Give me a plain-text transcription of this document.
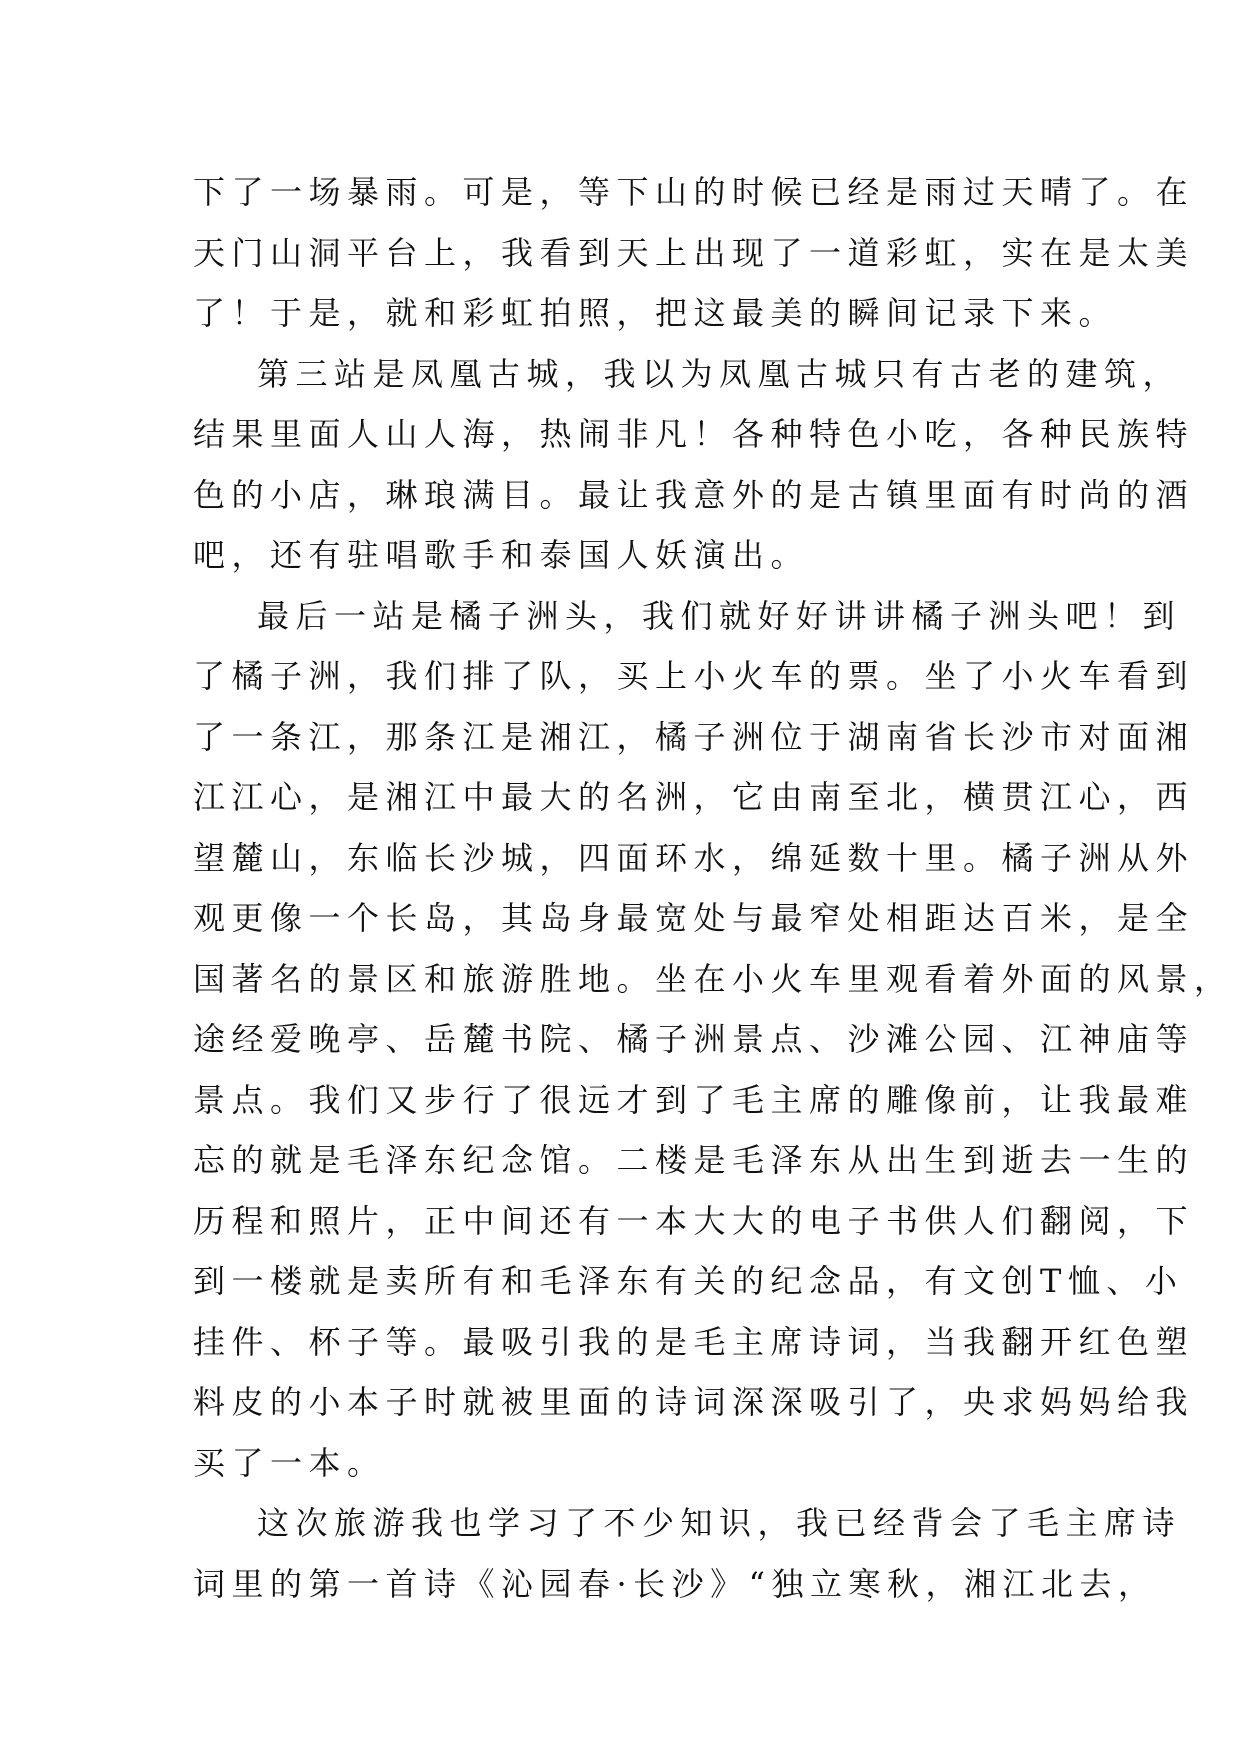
下了一场暴雨。可是，等下山的时候已经是雨过天晴了。在
天门山洞平台上，我看到天上出现了一道彩虹，实在是太美
了！于是，就和彩虹拍照，把这最美的瞬间记录下来。
第三站是凤凰古城，我以为凤凰古城只有古老的建筑，
结果里面人山人海，热闹非凡！各种特色小吃，各种民族特
色的小店，琳琅满目。最让我意外的是古镇里面有时尚的酒
吧，还有驻唱歌手和泰国人妖演出。
最后一站是橘子洲头，我们就好好讲讲橘子洲头吧！到
了橘子洲，我们排了队，买上小火车的票。坐了小火车看到
了一条江，那条江是湘江，橘子洲位于湖南省长沙市对面湘
江江心，是湘江中最大的名洲，它由南至北，横贯江心，西
望麓山，东临长沙城，四面环水，绵延数十里。橘子洲从外
观更像一个长岛，其岛身最宽处与最窄处相距达百米，是全
国著名的景区和旅游胜地。坐在小火车里观看着外面的风景，
途经爱晚亭、岳麓书院、橘子洲景点、沙滩公园、江神庙等
景点。我们又步行了很远才到了毛主席的雕像前，让我最难
忘的就是毛泽东纪念馆。二楼是毛泽东从出生到逝去一生的
历程和照片，正中间还有一本大大的电子书供人们翻阅，下
到一楼就是卖所有和毛泽东有关的纪念品，有文创T恤、小
挂件、杯子等。最吸引我的是毛主席诗词，当我翻开红色塑
料皮的小本子时就被里面的诗词深深吸引了，央求妈妈给我
买了一本。
这次旅游我也学习了不少知识，我已经背会了毛主席诗
词里的第一首诗《沁园春·长沙》“独立寒秋，湘江北去，
